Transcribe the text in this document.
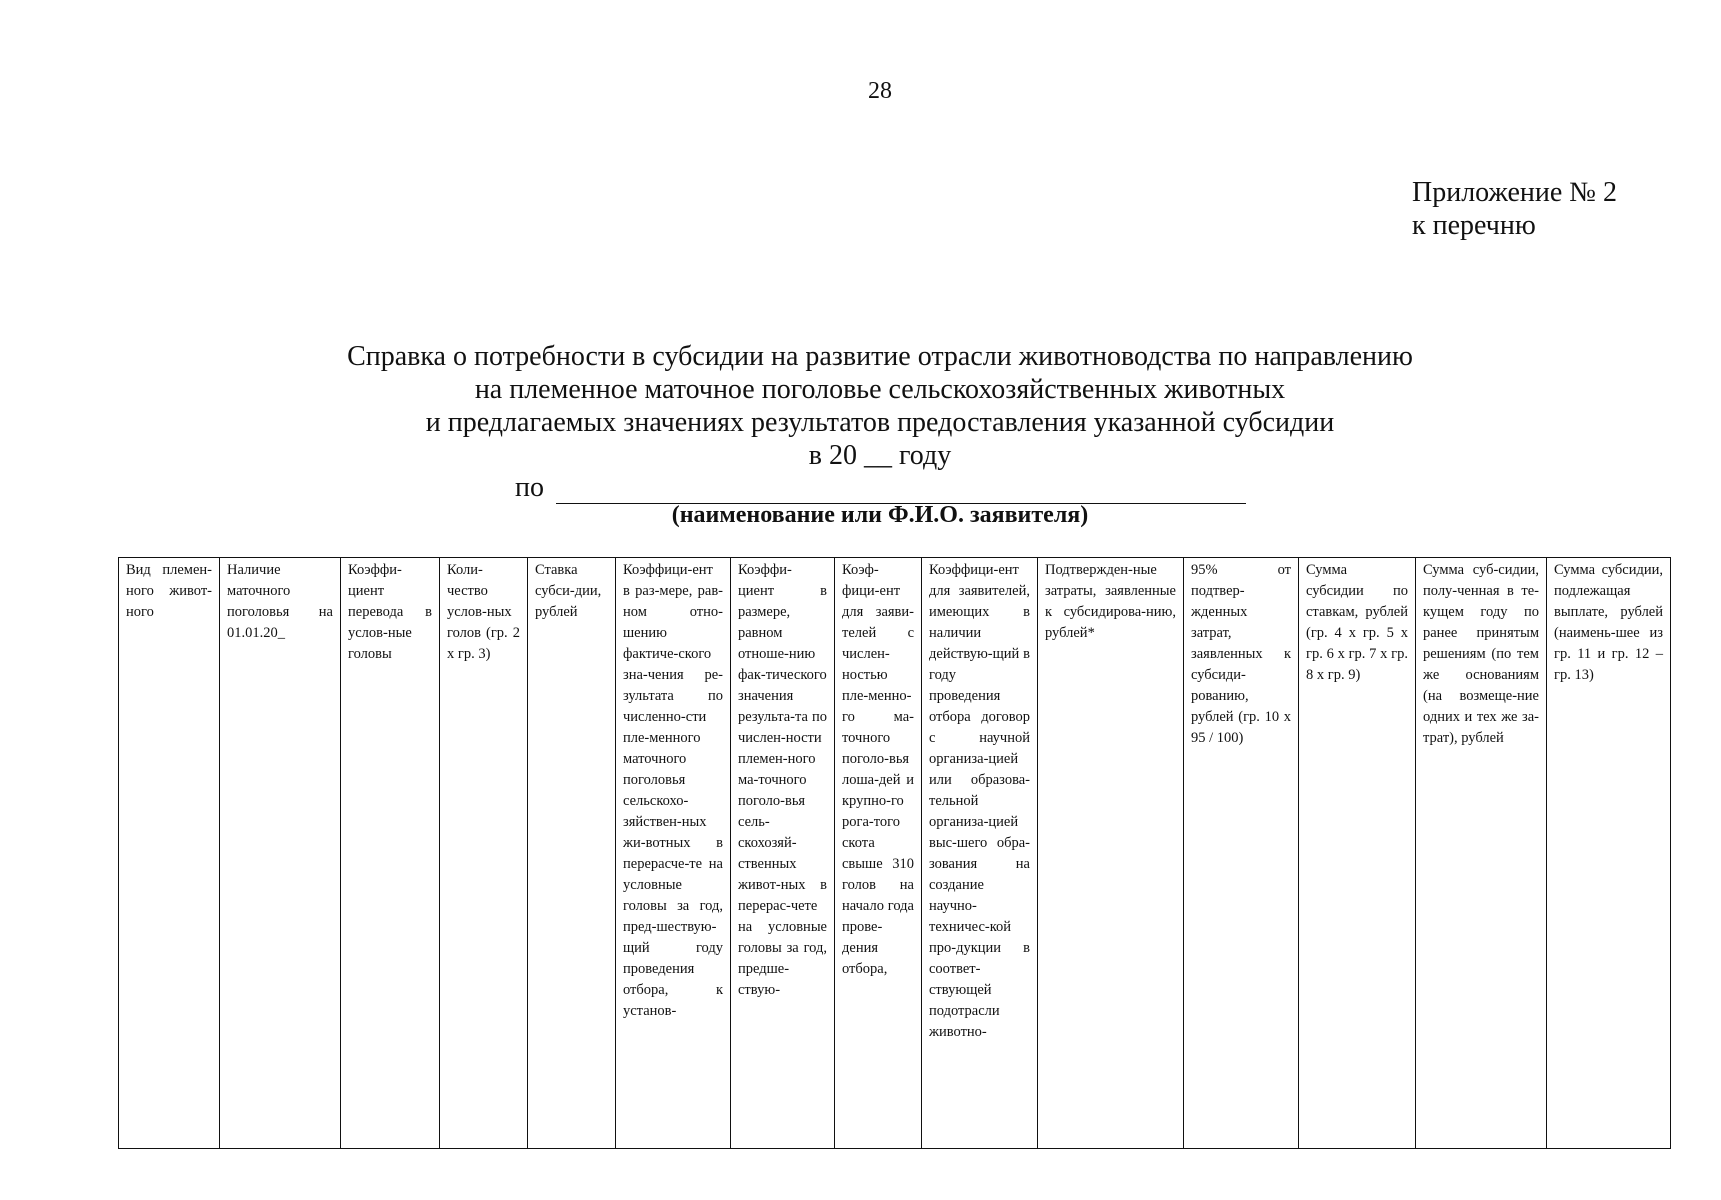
28
Приложение № 2
к перечню
Справка о потребности в субсидии на развитие отрасли животноводства по направлению
на племенное маточное поголовье сельскохозяйственных животных
и предлагаемых значениях результатов предоставления указанной субсидии
в 20 __ году
по
(наименование или Ф.И.О. заявителя)
Вид племен-ного живот-ного	Наличие маточного поголовья на 01.01.20_	Коэффи-циент перевода в услов-ные головы	Коли-чество услов-ных голов (гр. 2 x гр. 3)	Ставка субси-дии, рублей	Коэффици-ент в раз-мере, рав-ном отно-шению фактиче-ского зна-чения ре-зультата по численно-сти пле-менного маточного поголовья сельскохо-зяйствен-ных жи-вотных в перерасче-те на условные головы за год, пред-шествую-щий году проведения отбора, к установ-	Коэффи-циент в размере, равном отноше-нию фак-тического значения результа-та по числен-ности племен-ного ма-точного поголо-вья сель-скохозяй-ственных живот-ных в перерас-чете на условные головы за год, предше-ствую-	Коэф-фици-ент для заяви-телей с числен-ностью пле-менно-го ма-точного поголо-вья лоша-дей и крупно-го рога-того скота свыше 310 голов на начало года прове-дения отбора,	Коэффици-ент для заявителей, имеющих в наличии действую-щий в году проведения отбора договор с научной организа-цией или образова-тельной организа-цией выс-шего обра-зования на создание научно-техничес-кой про-дукции в соответ-ствующей подотрасли животно-	Подтвержден-ные затраты, заявленные к субсидирова-нию, рублей*	95% от подтвер-жденных затрат, заявленных к субсиди-рованию, рублей (гр. 10 x 95 / 100)	Сумма субсидии по ставкам, рублей (гр. 4 x гр. 5 x гр. 6 x гр. 7 x гр. 8 x гр. 9)	Сумма суб-сидии, полу-ченная в те-кущем году по ранее принятым решениям (по тем же основаниям (на возмеще-ние одних и тех же за-трат), рублей	Сумма субсидии, подлежащая выплате, рублей (наимень-шее из гр. 11 и гр. 12 – гр. 13)
